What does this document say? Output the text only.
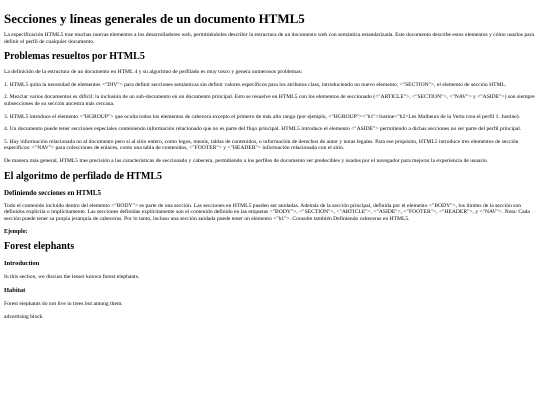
Secciones y líneas generales de un documento HTML5

La especificación HTML5 trae muchas nuevas elementos a los desarrolladores web, permitiéndoles describir la estructura de un documento web con semántica estandarizada. Este documento describe estos elementos y cómo usarlos para definir el perfil de cualquier documento.

Problemas resueltos por HTML5

La definición de la estructura de un documento en HTML 4 y su algoritmo de perfilado es muy tosco y genera numerosos problemas:

1. HTML5 quita la necesidad de elementos <"DIV"> para definir secciones semánticas sin definir valores específicos para los atributos class, introduciendo un nuevo elemento, <"SECTION">, el elemento de sección HTML.

2. Mezclar varios documentos es difícil: la inclusión de un sub-documento en un documento principal. Esto se resuelve en HTML5 con los elementos de seccionado (<"ARTICLE">, <"SECTION">, <"NAV"> y <"ASIDE">) son siempre subsecciones de su sección ancestra más cercana.

3. HTML5 introduce el elemento <"HGROUP"> que oculta todos los elementos de cabecera excepto el primero de más alto rango (por ejemplo, <"HGROUP"><"h1">Justine<"h2>Les Malheurs de la Vertu crea el perfil 1. Justine).

4. Un documento puede tener secciones especiales conteniendo información relacionado que no es parte del flujo principal. HTML5 introduce el elemento <"ASIDE"> permitiendo a dichas secciones no ser parte del perfil principal.

5. Hay información relacionada no al documento pero si al sitio entero, como logos, menús, tablas de contenidos, o información de derechos de autor y notas legales. Para ese propósito, HTML5 introduce tres elementos de sección específicos: <"NAV"> para colecciones de enlaces, como una tabla de contenidos, <"FOOTER"> y <"HEADER"> información relacionada con el sitio.

De manera más general, HTML5 trae precisión a las características de seccionado y cabecera, permitiendo a los perfiles de documento ser predecibles y usados por el navegador para mejorar la experiencia de usuario.

El algoritmo de perfilado de HTML5
Definiendo secciones en HTML5

Todo el contenido incluido dentro del elemento <"BODY"> es parte de una sección. Las secciones en HTML5 pueden ser anidadas. Además de la sección principal, definida por el elemento <"BODY">, los límites de la sección son definidos explícita o implícitamente. Las secciones definidas explícitamente son el contenido definido en las etiquetas <"BODY">, <"SECTION">, <"ARTICLE">, <"ASIDE">, <"FOOTER">, <"HEADER">, y <"NAV">. Nota: Cada sección puede tener su propia jerarquía de cabeceras. Por lo tanto, incluso una sección anidada puede tener un elemento <"h1">. Consulte también Definiendo cabeceras en HTML5.

Ejemplo:
Forest elephants
Introduction

In this section, we discuss the lesser known forest elephants.

Habitat

Forest elephants do not live in trees but among them.

advertising block
